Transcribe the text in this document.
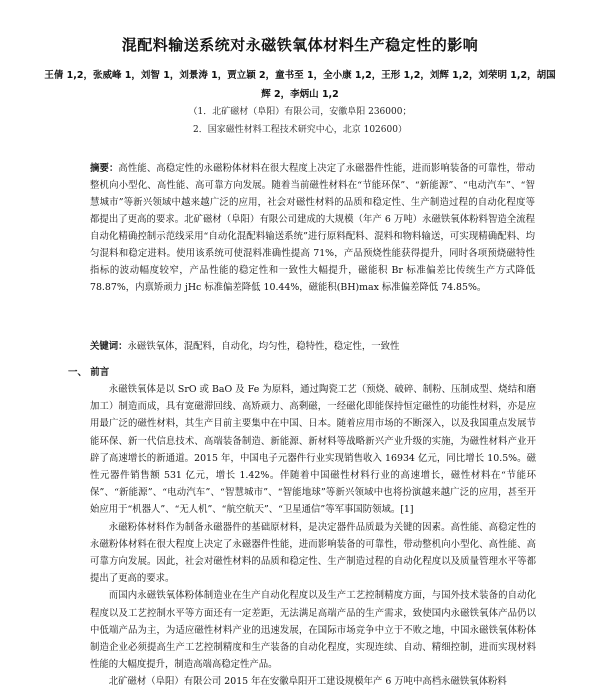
混配料输送系统对永磁铁氧体材料生产稳定性的影响
王倩 1,2，张威峰 1，刘智 1，刘景涛 1，贾立颖 2，童书至 1，全小康 1,2，王形 1,2，刘辉 1,2，刘荣明 1,2，胡国辉 2，李炳山 1,2
（1．北矿磁材（阜阳）有限公司，安徽阜阳 236000；
2．国家磁性材料工程技术研究中心，北京 102600）
摘要：高性能、高稳定性的永磁粉体材料在很大程度上决定了永磁器件性能，进而影响装备的可靠性，带动整机向小型化、高性能、高可靠方向发展。随着当前磁性材料在“节能环保”、“新能源”、“电动汽车”、“智慧城市”等新兴领域中越来越广泛的应用，社会对磁性材料的品质和稳定性、生产制造过程的自动化程度等都提出了更高的要求。北矿磁材（阜阳）有限公司建成的大规模（年产 6 万吨）永磁铁氧体粉料智造全流程自动化精确控制示范线采用“自动化混配料输送系统”进行原料配料、混料和物料输送，可实现精确配料、均匀混料和稳定进料。使用该系统可使混料准确性提高 71%，产品预烧性能获得提升，同时各项预烧磁特性指标的波动幅度较窄，产品性能的稳定性和一致性大幅提升，磁能积 Br 标准偏差比传统生产方式降低 78.87%，内禀矫顽力 jHc 标准偏差降低 10.44%，磁能积(BH)max 标准偏差降低 74.85%。
关键词：永磁铁氧体，混配料，自动化，均匀性，稳特性，稳定性，一致性
一、 前言

永磁铁氧体是以 SrO 或 BaO 及 Fe 为原料，通过陶瓷工艺（预烧、破碎、制粉、压制成型、烧结和磨加工）制造而成，具有宽磁滞回线、高矫顽力、高剩磁，一经磁化即能保持恒定磁性的功能性材料，亦是应用最广泛的磁性材料，其生产目前主要集中在中国、日本。随着应用市场的不断深入，以及我国重点发展节能环保、新一代信息技术、高端装备制造、新能源、新材料等战略新兴产业升级的实施，为磁性材料产业开辟了高速增长的新通道。2015 年，中国电子元器件行业实现销售收入 16934 亿元，同比增长 10.5%。磁性元器件销售额 531 亿元，增长 1.42%。伴随着中国磁性材料行业的高速增长，磁性材料在“节能环保”、“新能源”、“电动汽车”、“智慧城市”、“智能地球”等新兴领域中也将扮演越来越广泛的应用，甚至开始应用于“机器人”、“无人机”、“航空航天”、“卫星通信”等军事国防领域。[1]

永磁粉体材料作为制备永磁器件的基础原材料，是决定器件品质最为关键的因素。高性能、高稳定性的永磁粉体材料在很大程度上决定了永磁器件性能，进而影响装备的可靠性，带动整机向小型化、高性能、高可靠方向发展。因此，社会对磁性材料的品质和稳定性、生产制造过程的自动化程度以及质量管理水平等都提出了更高的要求。

而国内永磁铁氧体粉体制造业在生产自动化程度以及生产工艺控制精度方面，与国外技术装备的自动化程度以及工艺控制水平等方面还有一定差距，无法满足高端产品的生产需求，致使国内永磁铁氧体产品仍以中低端产品为主，为适应磁性材料产业的迅速发展，在国际市场竞争中立于不败之地，中国永磁铁氧体粉体制造企业必须提高生产工艺控制精度和生产装备的自动化程度，实现连续、自动、精细控制，进而实现材料性能的大幅度提升，制造高端高稳定性产品。

北矿磁材（阜阳）有限公司 2015 年在安徽阜阳开工建设规模年产 6 万吨中高档永磁铁氧体粉料
